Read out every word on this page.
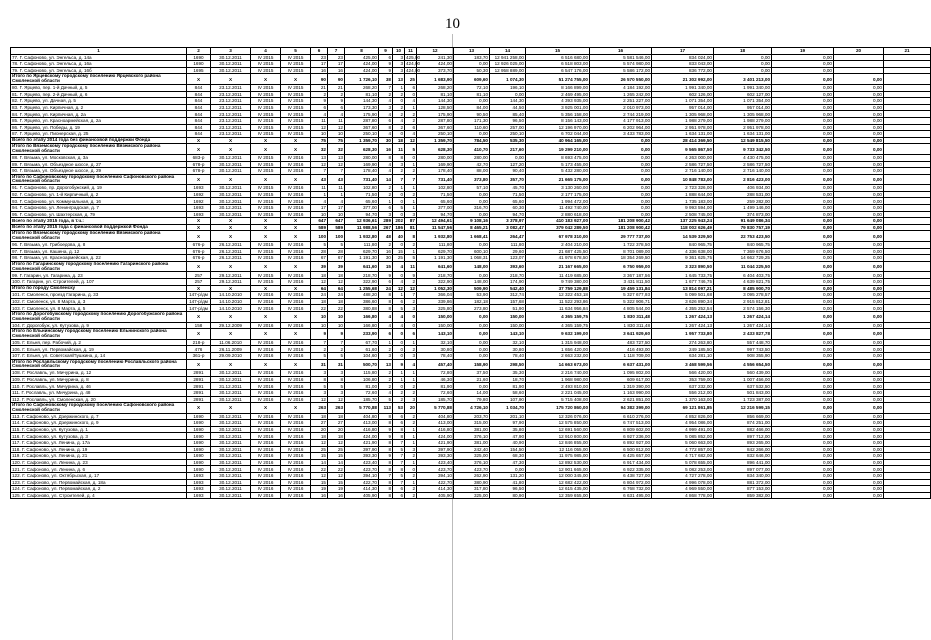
10
1	2	3	4	5	6	7	8	9	10	11	12	13	14	15	16	17	18	19	20	21
77. Г. Сафоново, ул. Энгельса, д. 14а	1690	30.12.2011	IV 2015	IV 2015	23	23	425,00	6	3	425,00	241,30	183,70	12 941 258,00	6 516 680,00	5 581 546,00	834 024,00	0,00	0,00		
78. Г. Сафоново, ул. Энгельса, д. 16а	1690	30.12.2011	IV 2015	IV 2015	17	17	424,00	9	3	424,00	424,00	0,00	12 926 025,00	6 518 803,00	5 574 980,00	833 043,00	0,00	0,00		
79. Г. Сафоново, ул. Энгельса, д. 16б	1695	30.12.2011	IV 2015	IV 2015	16	16	424,00	9	3	424,00	373,70	50,30	12 958 889,00	6 547 176,00	5 586 172,00	836 772,00	0,00	0,00		
Итого по Ярцевскому городскому поселению Ярцевского района Смоленской области	X	X	X	X	90	90	1 726,10	38	13	25	1 683,90	609,60	1 074,30	51 274 755,00	26 570 550,00	21 302 992,00	3 401 213,00	0,00	0,00	
80. Г. Ярцево, пер. 1-й Дачный, д. 5	844	23.12.2011	IV 2015	IV 2015	21	21	268,20	7	1	6	268,20	72,10	196,10	8 166 899,00	4 184 192,00	1 991 340,00	1 991 340,00	0,00	0,00	
81. Г. Ярцево, пер. 2-й Дачный, д. 6	844	23.12.2011	IV 2015	IV 2015	2	2	81,10	2	2	0	81,10	81,10	0,00	2 469 495,00	1 265 242,00	602 126,00	602 127,00	0,00	0,00	
82. Г. Ярцево, ул. Дачная, д. 5	844	23.12.2011	IV 2015	IV 2015	9	9	144,30	4	0	4	144,30	0,00	144,30	4 393 935,00	2 251 227,00	1 071 354,00	1 071 354,00	0,00	0,00	
83. Г. Ярцево, ул. Кирпичная, д. 2	844	23.12.2011	IV 2015	IV 2015	6	6	173,30	3	2	1	128,50	84,00	44,50	3 925 001,00	2 010 973,00	957 014,00	957 014,00	0,00	0,00	
84. Г. Ярцево, ул. Кирпичная, д. 2а	844	23.12.2011	IV 2015	IV 2015	4	4	175,90	4	2	2	175,90	90,50	85,40	5 356 158,00	2 744 219,00	1 305 968,00	1 305 968,00	0,00	0,00	
85. Г. Ярцево, ул. Красноармейская, д. 2а	844	23.12.2011	IV 2015	IV 2015	11	11	287,80	6	4	2	287,80	171,30	96,50	8 156 143,00	4 177 913,00	1 988 279,00	1 988 279,00	0,00	0,00	
86. Г. Ярцево, ул. Победы, д. 19	844	23.12.2011	IV 2015	IV 2015	12	12	367,60	8	2	6	367,60	110,60	257,00	12 196 970,00	6 202 964,00	2 951 978,00	2 951 978,00	0,00	0,00	
87. Г. Ярцево, ул. Пионерская, д. 25	844	23.12.2011	IV 2015	IV 2015	10	10	250,10	4	0	4	250,10	0,00	250,10	6 702 044,00	3 433 783,00	1 634 131,00	1 634 131,00	0,00	0,00	
Всего по этапу 2014 года без финансовой поддержки Фонда	X	X	X	X	75	75	1 359,70	30	18	12	1 359,70	784,50	535,30	40 964 165,00	0,00	28 414 369,50	12 549 815,50	0,00	0,00	
Итого по Вяземскому городскому поселению Вяземского района Смоленской области	X	X	X	X	32	32	628,30	16	11	5	628,30	410,70	217,60	19 299 210,00	0,00	9 565 867,50	9 733 342,50	0,00	0,00	
88. Г. Вязьма, ул. Московская, д. 3а	683-р	30.12.2011	IV 2015	IV 2016	13	13	280,00	8	8	0	280,00	280,00	0,00	8 693 475,00	0,00	4 263 000,00	4 430 475,00	0,00	0,00	
89. Г. Вязьма, ул. Объездное шоссе, д. 27	678-р	30.12.2011	IV 2015	IV 2016	12	12	169,90	4	3	1	169,90	42,70	127,20	5 173 455,00	0,00	2 586 727,50	2 586 727,50	0,00	0,00	
90. Г. Вязьма, ул. Объездное шоссе, д. 29	678-р	30.12.2011	IV 2015	IV 2016	7	7	178,40	4	2	2	178,40	88,00	90,40	5 432 280,00	0,00	2 716 140,00	2 716 140,00	0,00	0,00	
Итого по Сафоновскому городскому поселению Сафоновского района Смоленской области	X	X	X	X	43	43	731,40	14	7	7	731,40	373,80	357,70	21 665 175,00	0,00	10 848 783,00	2 816 423,00	0,00	0,00	
91. Г. Сафоново, пр. Дорогобужский, д. 19	1693	30.12.2011	IV 2015	IV 2016	11	11	102,80	2	1	1	102,80	57,10	45,70	3 130 260,00	0,00	2 723 326,00	406 934,00	0,00	0,00	
92. Г. Сафоново, ул. 1-й Кирпичный, д. 2	1692	30.12.2011	IV 2015	IV 2016	1	1	71,50	2	0	2	71,50	0,00	71,50	2 177 175,00	0,00	1 888 644,00	288 531,00	0,00	0,00	
93. Г. Сафоново, ул. Коммунальная, д. 16	1692	30.12.2011	IV 2015	IV 2016	4	4	65,60	1	0	1	65,60	0,00	65,60	1 994 472,00	0,00	1 735 183,00	259 282,00	0,00	0,00	
94. Г. Сафоново, ул. Ленинградская, д. 7	1693	30.12.2011	IV 2015	IV 2016	17	17	377,00	6	5	1	377,00	316,70	60,30	11 492 740,00	0,00	9 993 594,00	1 499 146,00	0,00	0,00	
95. Г. Сафоново, ул. Шахтерская, д. 79	1693	30.12.2011	IV 2015	IV 2016	10	10	94,70	3	0	3	94,70	0,00	94,70	2 880 618,00	0,00	2 508 745,00	374 873,00	0,00	0,00	
Всего по этапу 2015 года, в т.ч.:	X	X	X	X	647	647	12 936,61	289	202	87	12 494,61	9 108,16	3 378,97	410 183 927,00	181 208 900,42	137 225 943,24	91 649 086,34	0,00	0,00	
Всего по этапу 2015 года с финансовой поддержкой Фонда	X	X	X	X	589	589	11 988,56	267	186	81	11 547,56	8 465,21	3 082,47	379 042 289,50	181 208 900,42	118 002 626,49	79 830 757,19	0,00	0,00	
Итого по Вяземскому городскому поселению Вяземского района Смоленской области	X	X	X	X	100	100	1 932,80	48	40	8	1 932,80	1 668,41	264,47	67 978 310,00	29 777 737,00	14 539 329,50	22 753 423,50	0,00	0,00	
96. Г. Вязьма, ул. Грибоедова, д. 8	676-р	26.12.2011	IV 2015	IV 2016	5	5	111,80	2	0	2	111,80	0,00	111,80	2 404 210,00	1 722 378,50	840 965,75	840 965,75	0,00	0,00	
97. Г. Вязьма, ул. Кашена, д. 12	676-р	26.12.2011	IV 2015	IV 2016	28	28	629,70	16	15	1	629,70	600,10	29,60	21 687 425,50	8 701 089,00	4 336 638,00	7 369 676,50	0,00	0,00	
98. Г. Вязьма, ул. Красноармейская, д. 22	676-р	26.12.2011	IV 2015	IV 2016	67	67	1 191,30	30	25	5	1 191,30	1 068,31	123,07	41 978 678,50	18 354 269,50	9 361 625,75	14 662 729,25	0,00	0,00	
Итого по Гагаринскому городскому поселению Гагаринского района Смоленской области	X	X	X	X	39	39	641,60	15	4	11	641,60	148,00	393,60	21 167 665,00	6 750 959,00	3 323 890,50	11 044 225,50	0,00	0,00	
99. Г. Гагарин, ул. Гагарина, д. 23	257	29.12.2011	IV 2015	IV 2016	18	18	218,70	9	0	9	218,70	0,00	218,70	11 419 685,00	3 367 187,56	1 645 733,75	6 404 403,75	0,00	0,00	
100. Г. Гагарин, ул. Строителей, д. 107	257	29.12.2011	IV 2015	IV 2016	12	12	322,90	6	4	2	322,90	148,00	174,90	9 749 380,00	3 431 811,50	1 677 746,75	4 639 821,75	0,00	0,00	
Итого по городу Смоленску	X	X	X	X	64	64	1 255,68	24	12	12	1 052,30	509,90	542,40	37 759 129,88	19 459 131,84	13 814 097,21	8 485 900,70	0,00	0,00	
101. Г. Смоленск, проезд Гагарина, д. 33	147-р/дм	14.10.2010	IV 2016	IV 2016	24	24	488,20	8	1	7	366,04	53,90	312,74	12 322 453,18	5 327 677,93	5 099 501,68	3 095 278,57	0,00	0,00	
102. Г. Смоленск, ул. 8 Марта, д. 3	147-р/дм	14.10.2010	IV 2016	IV 2016	18	18	386,60	8	6	2	339,86	182,18	157,68	11 522 293,86	5 322 906,71	3 626 890,34	2 915 812,81	0,00	0,00	
103. Г. Смоленск, ул. 8 Марта, д. 5	147-р/дм	14.10.2010	IV 2016	IV 2016	22	22	380,88	8	5	3	325,80	273,80	51,90	11 634 956,84	4 805 544,00	4 355 252,54	2 574 156,30	0,00	0,00	
Итого по Дорогобужскому городскому поселению Дорогобужского района Смоленской области	X	X	X	X	10	10	166,80	4	4	0	150,00	0,00	150,00	4 365 159,75	1 830 311,48	1 267 424,13	1 267 424,14	0,00	0,00	
104. Г. Дорогобуж, ул. Кутузова, д. 9	158	29.12.2009	IV 2016	IV 2016	10	10	166,80	4	4	0	150,00	0,00	150,00	4 365 159,75	1 830 311,48	1 267 424,13	1 267 424,14	0,00	0,00	
Итого по Ельнинскому городскому поселению Ельнинского района Смоленской области	X	X	X	X	9	9	233,90	6	0	6	143,10	0,00	143,10	9 632 199,00	3 641 929,60	1 957 733,80	2 433 827,78	0,00	0,00	
105. Г. Ельня, пер. Рабочий, д. 2	218-р	11.06.2010	IV 2016	IV 2016	7	7	67,70	1	0	1	32,10	0,00	32,10	1 315 948,00	483 727,50	274 263,80	557 448,70	0,00	0,00	
106. Г. Ельня, ул. Первомайская, д. 19	476	26.11.2009	IV 2016	IV 2016	2	2	61,60	2	0	2	30,80	0,00	30,80	1 656 420,00	416 493,00	249 185,50	997 743,50	0,00	0,00	
107. Г. Ельня, ул. Советская/Пушкина, д. 14	361-р	29.09.2010	IV 2016	IV 2016	5	5	104,60	3	0	3	78,40	0,00	78,40	2 663 232,00	1 118 709,00	634 281,10	908 355,90	0,00	0,00	
Итого по Рославльскому городскому поселению Рославльского района Смоленской области	X	X	X	X	31	31	500,70	13	9	4	457,40	158,90	298,50	14 663 673,00	6 637 431,00	3 468 599,56	4 556 654,50	0,00	0,00	
108. Г. Рославль, ул. Мичурина, д. 12	2891	30.12.2011	IV 2016	IV 2016	3	3	115,80	2	1	1	72,80	37,50	35,30	2 216 740,00	1 095 802,00	566 420,00	560 439,00	0,00	0,00	
109. Г. Рославль, ул. Мичурина, д. 8	2891	30.12.2011	IV 2016	IV 2016	8	8	106,80	2	1	1	46,30	21,60	18,70	1 968 980,00	609 617,00	353 759,00	1 007 456,00	0,00	0,00	
110. Г. Рославль, ул. Мичурина, д. 46	2891	31.12.2011	IV 2016	IV 2016	5	5	81,00	2	0	2	81,90	0,00	81,90	2 493 810,00	1 319 390,00	637 232,00	637 532,50	0,00	0,00	
111. Г. Рославль, ул. Мичурина, д. 48	2891	30.12.2011	IV 2016	IV 2016	3	3	72,60	4	2	2	72,60	14,00	58,60	2 221 045,00	1 163 990,00	556 212,00	501 843,00	0,00	0,00	
112. Г. Рославль, ул. Смоленская, д. 20	2891	30.12.2011	IV 2016	IV 2016	12	12	185,70	5	2	3	185,70	79,80	107,90	5 715 408,00	2 621 851,00	1 370 163,00	1 723 387,00	0,00	0,00	
Итого по Сафоновскому городскому поселению Сафоновского района Смоленской области	X	X	X	X	263	263	5 770,88	113	53	20	5 770,88	4 726,10	1 034,70	175 720 860,00	94 382 399,00	69 121 861,85	12 216 599,15	0,00	0,00	
113. Г. Сафоново, ул. Дзержинского, д. 7	1690	30.12.2011	IV 2016	IV 2016	18	18	404,80	8	6	2	404,80	203,70	201,10	12 326 076,00	6 610 276,00	4 852 826,00	856 669,00	0,00	0,00	
114. Г. Сафоново, ул. Дзержинского, д. 9	1690	30.12.2011	IV 2016	IV 2016	27	27	413,00	8	6	2	413,00	315,00	97,90	12 575 850,00	6 747 513,00	4 954 086,00	874 251,00	0,00	0,00	
115. Г. Сафоново, ул. Кутузова, д. 1	1690	30.12.2011	IV 2016	IV 2016	20	20	416,80	9	8	1	416,80	381,00	35,80	12 691 560,00	6 809 602,00	4 999 491,00	882 466,00	0,00	0,00	
116. Г. Сафоново, ул. Кутузова, д. 3	1690	30.12.2011	IV 2016	IV 2016	18	18	424,00	9	8	1	424,00	376,10	47,90	12 910 800,00	6 927 236,00	5 085 852,00	897 712,00	0,00	0,00	
117. Г. Сафоново, ул. Ленина, д. 17а	1690	30.12.2011	IV 2016	IV 2016	12	12	421,90	8	7	1	421,90	381,00	40,90	12 846 855,00	6 892 927,00	5 060 663,00	893 265,00	0,00	0,00	
118. Г. Сафоново, ул. Ленина, д. 19	1690	30.12.2011	IV 2016	IV 2016	25	25	397,90	8	5	3	397,90	242,40	154,50	12 116 055,00	6 500 812,00	4 772 857,00	842 266,00	0,00	0,00	
119. Г. Сафоново, ул. Ленина, д. 21	1690	30.12.2011	IV 2016	IV 2016	15	15	393,30	9	7	2	393,30	325,00	68,30	11 975 985,00	6 425 657,00	4 717 682,00	832 646,00	0,00	0,00	
120. Г. Сафоново, ул. Ленина, д. 23	1690	30.12.2011	IV 2016	IV 2016	14	14	423,40	8	7	1	423,40	376,10	47,30	12 892 530,00	6 917 434,00	5 078 655,00	896 441,00	0,00	0,00	
121. Г. Сафоново, ул. Ленина, д. 6	1690	30.12.2011	IV 2016	IV 2016	22	22	423,70	8	8	0	423,70	423,70	0,00	12 901 665,00	6 922 335,00	5 082 253,00	897 077,00	0,00	0,00	
122. Г. Сафоново, ул. Октябрьская, д. 17	1693	30.12.2011	IV 2016	IV 2016	12	12	394,10	7	5	2	394,10	262,90	131,20	12 000 345,00	6 438 727,00	4 727 278,00	834 340,00	0,00	0,00	
123. Г. Сафоново, ул. Первомайская, д. 18а	1693	30.12.2011	IV 2016	IV 2016	15	15	422,70	8	7	1	422,70	380,90	41,80	12 682 422,00	6 804 972,00	4 996 078,00	881 372,00	0,00	0,00	
124. Г. Сафоново, ул. Первомайская, д. 2	1693	30.12.2011	IV 2016	IV 2016	19	19	414,30	8	6	2	414,30	317,80	96,50	12 615 435,00	6 768 732,00	4 969 550,00	877 153,00	0,00	0,00	
125. Г. Сафоново, ул. Строителей, д. 4	1693	30.12.2011	IV 2016	IV 2016	16	16	405,90	8	6	2	405,90	325,00	80,90	12 359 655,00	6 631 495,00	4 868 778,00	859 382,00	0,00	0,00	
